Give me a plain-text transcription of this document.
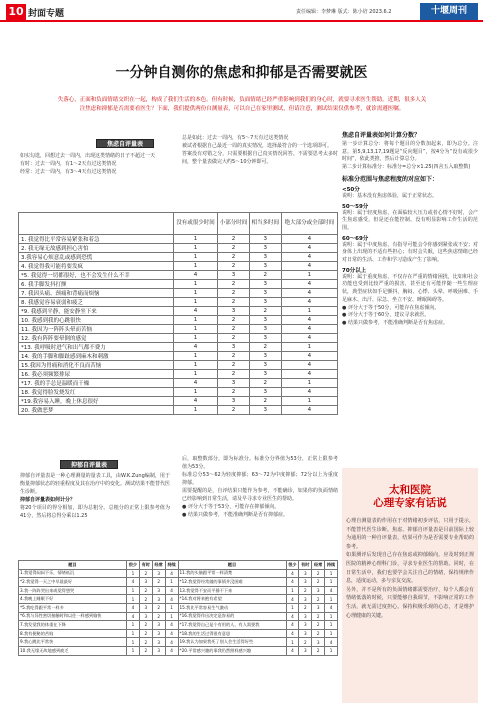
10 封面专题	责任编辑：李梦琳 版式：陈小培 2023.6.2	十堰周刊
一分钟自测你的焦虑和抑郁是否需要就医
失落心，正面和负面情绪交织在一起，构成了我们生活的本色。但有时候，负面情绪已经严重影响到我们的身心时，就要寻求医生帮助。近期，很多人关注焦虑和抑郁是否需要看医生？下面，我们提供两份自测量表，可以自己在家里测试，但请注意，测试结果仅供参考，就诊需遵医嘱。
焦虑自评量表

如实勾选，回想过去一周内，出现这类情绪的日子不超过一天

有时：过去一周内，有1～2天有过这类情况

经常：过去一周内，有3～4天有过这类情况

总是如此：过去一周内，有5～7天有过这类情况

被试者根据自己最近一周的真实情况，选择最符合的一个选项即可。

答案没有对错之分，只需要根据自己真实情况回答。不需要思考太多时间，整个量表做完大约5～10分钟即可。

	没有或很少时间	小部分时间	相当多时间	绝大部分或全部时间
1. 我觉得比平常容易紧张和着急	1	2	3	4
2. 我无缘无故感到担心害怕	1	2	3	4
3.我容易心烦意乱或感到恐慌	1	2	3	4
4. 我觉得我可能将要发疯	1	2	3	4
*5. 我觉得一切都很好，也不会发生什么不幸	4	3	2	1
6. 我手脚发抖打颤	1	2	3	4
7. 我因头痛、颈痛和背痛而烦恼	1	2	3	4
8. 我感觉容易衰弱和疲乏	1	2	3	4
*9. 我感到平静，能安静坐下来	4	3	2	1
10. 我感到我的心跳很快	1	2	3	4
11. 我因为一阵阵头晕而苦恼	1	2	3	4
12. 我有阵阵要晕倒的感觉	1	2	3	4
*13. 我呼吸时进气和出气都不费力	4	3	2	1
14. 我的手脚和脚趾感到麻木和刺激	1	2	3	4
15.我因为胃痛和消化不良而苦恼	1	2	3	4
16. 我必须频繁排尿	1	2	3	4
*17. 我的手总是温暖而干燥	4	3	2	1
18. 我觉得脸发烧发红	1	2	3	4
*19.我容易入睡，晚上休息很好	4	3	2	1
20. 我做恶梦	1	2	3	4
焦虑自评量表如何计算分数？
第一步计算总分：将每个题目的分数加起来，即为总分。注意，第5,9,13,17,19题是“反向题目”，按4分为“没有或很少时间”，依此类推，然后计算总分。
第二步计算标准分：标准分=总分×1.25(四舍五入取整数)
标准分范围与焦虑程度的对应如下：
<50分
说明：基本没有焦虑体验，属于正常状态。
50～59分
说明：属于轻度焦虑，在面临较大压力或者心情不好时，会产生焦虑感受，但是还在能控制、没有明显影响工作生活的范围。
60～69分
说明：属于中度焦虑，有指导可能会令你感到紧张或不安；对身体上出现的不适有些担心；有时会失眠，这些焦虑情绪已经对日常的生活、工作和学习造成产生了影响。
70分以上
说明：属于重度焦虑，不仅存在严重的情绪困扰，比如和社会功能也受到比较严重的损害，甚至还有可能伴随一些生理症状，典型症状如手足颤抖，胸闷、心悸、头晕、呼吸困难、手足麻木、出汗、尿急、坐立不安、睡眠障碍等。
● 评分大于等于50分，可能存在焦虑倾向。
● 评分大于等于60分，建议寻求就医。
● 结果只做参考，不能准确判断是否有焦虑症。
抑郁自评量表

抑郁自评量表是一种心理测量的量表工具，由W.K.Zung编制，用于衡量抑郁状态的轻重程度及其在治疗中的变化。测试结果不能替代医生诊断。

抑郁自评量表如何计分？

将20个项目的得分相加，即为总粗分。总粗分的正常上限参考值为41分，然后将总得分乘以1.25

后，取整数部分，即为标准分。标准分分界值为53分，正常上限参考值为53分。

标准总分53～62为轻度抑郁；63～72为中度抑郁；72分以上为重度抑郁。

需要提醒的是，自评结果只能作为参考，不能确诊，如果你的负面情绪已经影响到日常生活，请及早寻求专业医生的帮助。

● 评分大于等于53分，可能存在抑郁倾向。

● 结果只做参考，不能准确判断是否有抑郁症。

题目	很少	有时	经常	持续	题目	很少	有时	经常	持续
1.我觉得闷闷不乐，情绪低沉	1	2	3	4	11.我的头脑跟平常一样清楚	4	3	2	1
*2.我觉得一天之中早晨最好	4	3	2	1	*12.我觉得经常做的事情并没困难	4	3	2	1
3.我一阵阵哭出来或觉得想哭	1	2	3	4	13.我觉得不安而平静不下来	1	2	3	4
4.我晚上睡眠不好	1	2	3	4	*14.我对将来抱有希望	4	3	2	1
*5.我吃得跟平常一样多	4	3	2	1	15.我比平常容易生气激动	1	2	3	4
*6.我与异性密切接触时和以往一样感到愉快	4	3	2	1	*16.我觉得作出决定是容易的	4	3	2	1
7.我发觉我的体重在下降	1	2	3	4	*17.我觉得自己是个有用的人，有人需要我	4	3	2	1
8.我有便秘的苦恼	1	2	3	4	*18.我的生活过得很有意思	4	3	2	1
9.我心跳比平常快	1	2	3	4	19.我认为如果我死了别人会生活得好些	1	2	3	4
10.我无缘无故地感到疲乏	1	2	3	4	*20.平常感兴趣的事我仍然照样感兴趣	4	3	2	1
太和医院
心理专家有话说

心理自测量表的作用在于对情绪初步评估，只用于提示，不能替代医生诊断。焦虑、抑郁自评量表是目前国际上较为通用的一种自评量表，结果可作为是否需要专业帮助的参考。

如果测评后发现自己存在焦虑或抑郁倾向，应及时到正规医院的精神心理科门诊，寻求专业医生的帮助。同时，在日常生活中，我们也要学会关注自己的情绪，保持规律作息，适度运动，多与亲友交流。

另外，并不是所有的负面情绪都需要治疗，每个人都会有情绪低落的时候，只要能够自我调节，不影响正常的工作生活，就无需过度担心。保持积极乐观的心态，才是维护心理健康的关键。
